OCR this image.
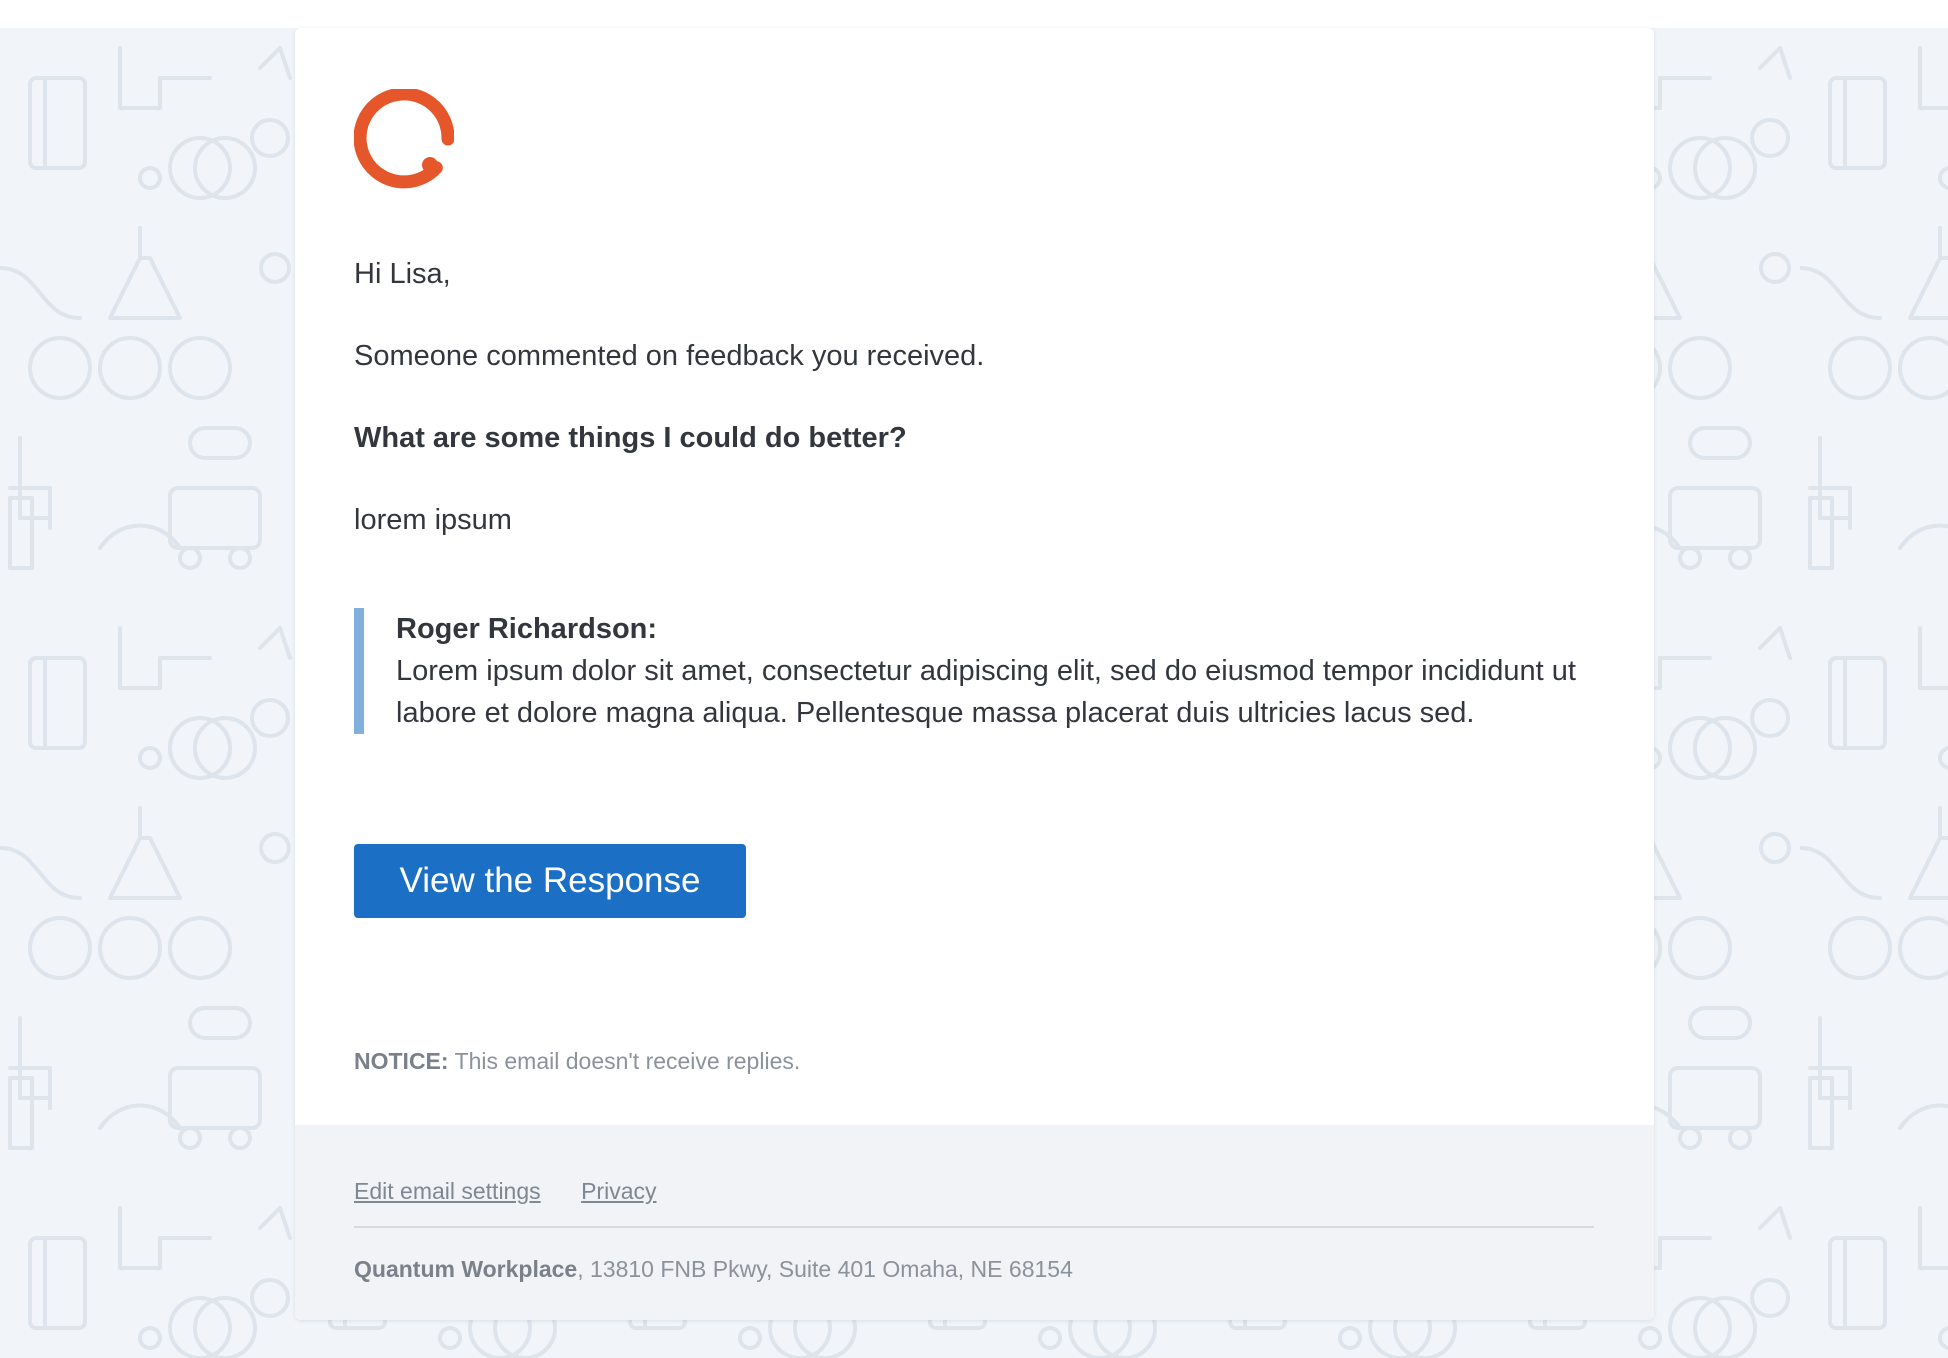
Hi Lisa,

Someone commented on feedback you received.

What are some things I could do better?

lorem ipsum

Roger Richardson:

Lorem ipsum dolor sit amet, consectetur adipiscing elit, sed do eiusmod tempor incididunt ut labore et dolore magna aliqua. Pellentesque massa placerat duis ultricies lacus sed.

View the Response

NOTICE: This email doesn't receive replies.

Edit email settings Privacy

Quantum Workplace, 13810 FNB Pkwy, Suite 401 Omaha, NE 68154
